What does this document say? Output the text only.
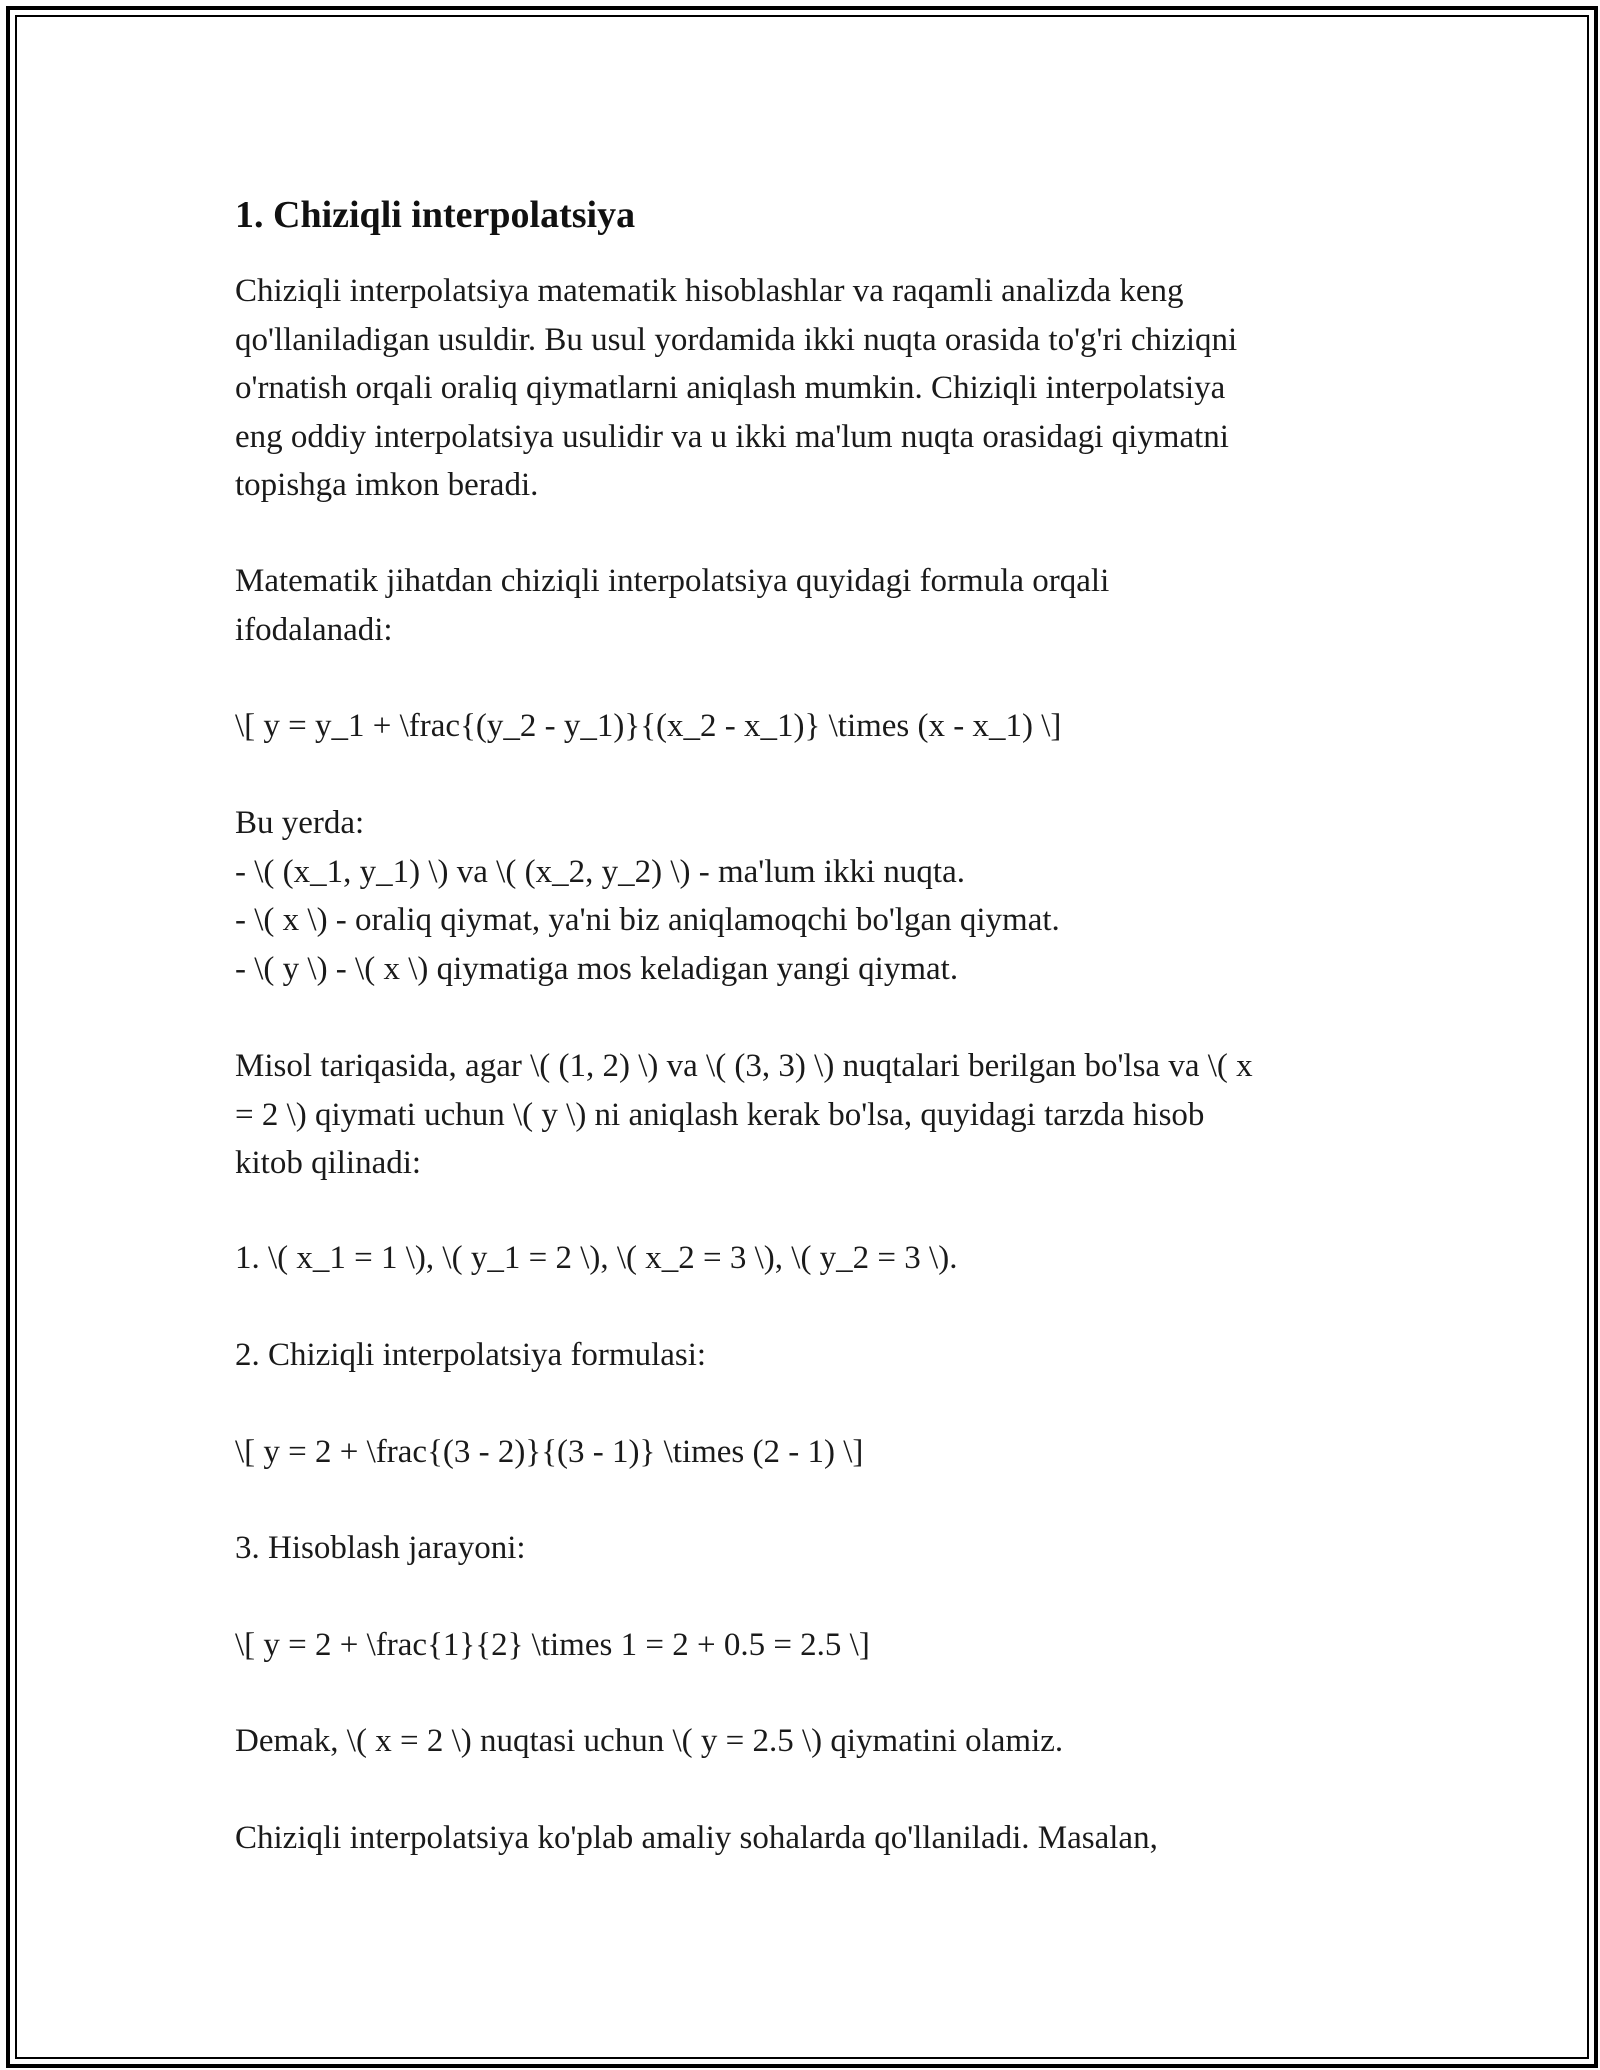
1. Chiziqli interpolatsiya
Chiziqli interpolatsiya matematik hisoblashlar va raqamli analizda keng
qo'llaniladigan usuldir. Bu usul yordamida ikki nuqta orasida to'g'ri chiziqni
o'rnatish orqali oraliq qiymatlarni aniqlash mumkin. Chiziqli interpolatsiya
eng oddiy interpolatsiya usulidir va u ikki ma'lum nuqta orasidagi qiymatni
topishga imkon beradi.
Matematik jihatdan chiziqli interpolatsiya quyidagi formula orqali
ifodalanadi:
\[ y = y_1 + \frac{(y_2 - y_1)}{(x_2 - x_1)} \times (x - x_1) \]
Bu yerda:
- \( (x_1, y_1) \) va \( (x_2, y_2) \) - ma'lum ikki nuqta.
- \( x \) - oraliq qiymat, ya'ni biz aniqlamoqchi bo'lgan qiymat.
- \( y \) - \( x \) qiymatiga mos keladigan yangi qiymat.
Misol tariqasida, agar \( (1, 2) \) va \( (3, 3) \) nuqtalari berilgan bo'lsa va \( x
= 2 \) qiymati uchun \( y \) ni aniqlash kerak bo'lsa, quyidagi tarzda hisob
kitob qilinadi:
1. \( x_1 = 1 \), \( y_1 = 2 \), \( x_2 = 3 \), \( y_2 = 3 \).
2. Chiziqli interpolatsiya formulasi:
\[ y = 2 + \frac{(3 - 2)}{(3 - 1)} \times (2 - 1) \]
3. Hisoblash jarayoni:
\[ y = 2 + \frac{1}{2} \times 1 = 2 + 0.5 = 2.5 \]
Demak, \( x = 2 \) nuqtasi uchun \( y = 2.5 \) qiymatini olamiz.
Chiziqli interpolatsiya ko'plab amaliy sohalarda qo'llaniladi. Masalan,
